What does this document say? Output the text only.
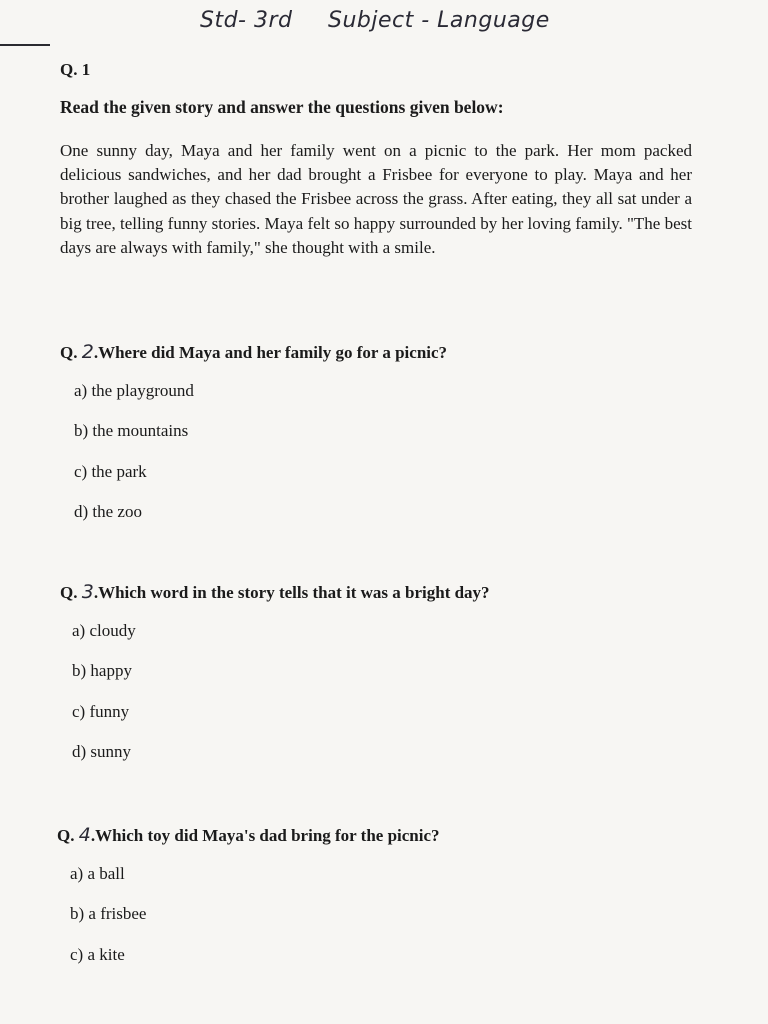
Std- 3rd Subject - Language
Q. 1
Read the given story and answer the questions given below:

One sunny day, Maya and her family went on a picnic to the park. Her mom packed delicious sandwiches, and her dad brought a Frisbee for everyone to play. Maya and her brother laughed as they chased the Frisbee across the grass. After eating, they all sat under a big tree, telling funny stories. Maya felt so happy surrounded by her loving family. "The best days are always with family," she thought with a smile.

Q. 2.Where did Maya and her family go for a picnic?
a) the playground
b) the mountains
c) the park
d) the zoo
Q. 3.Which word in the story tells that it was a bright day?
a) cloudy
b) happy
c) funny
d) sunny
Q. 4.Which toy did Maya's dad bring for the picnic?
a) a ball
b) a frisbee
c) a kite
